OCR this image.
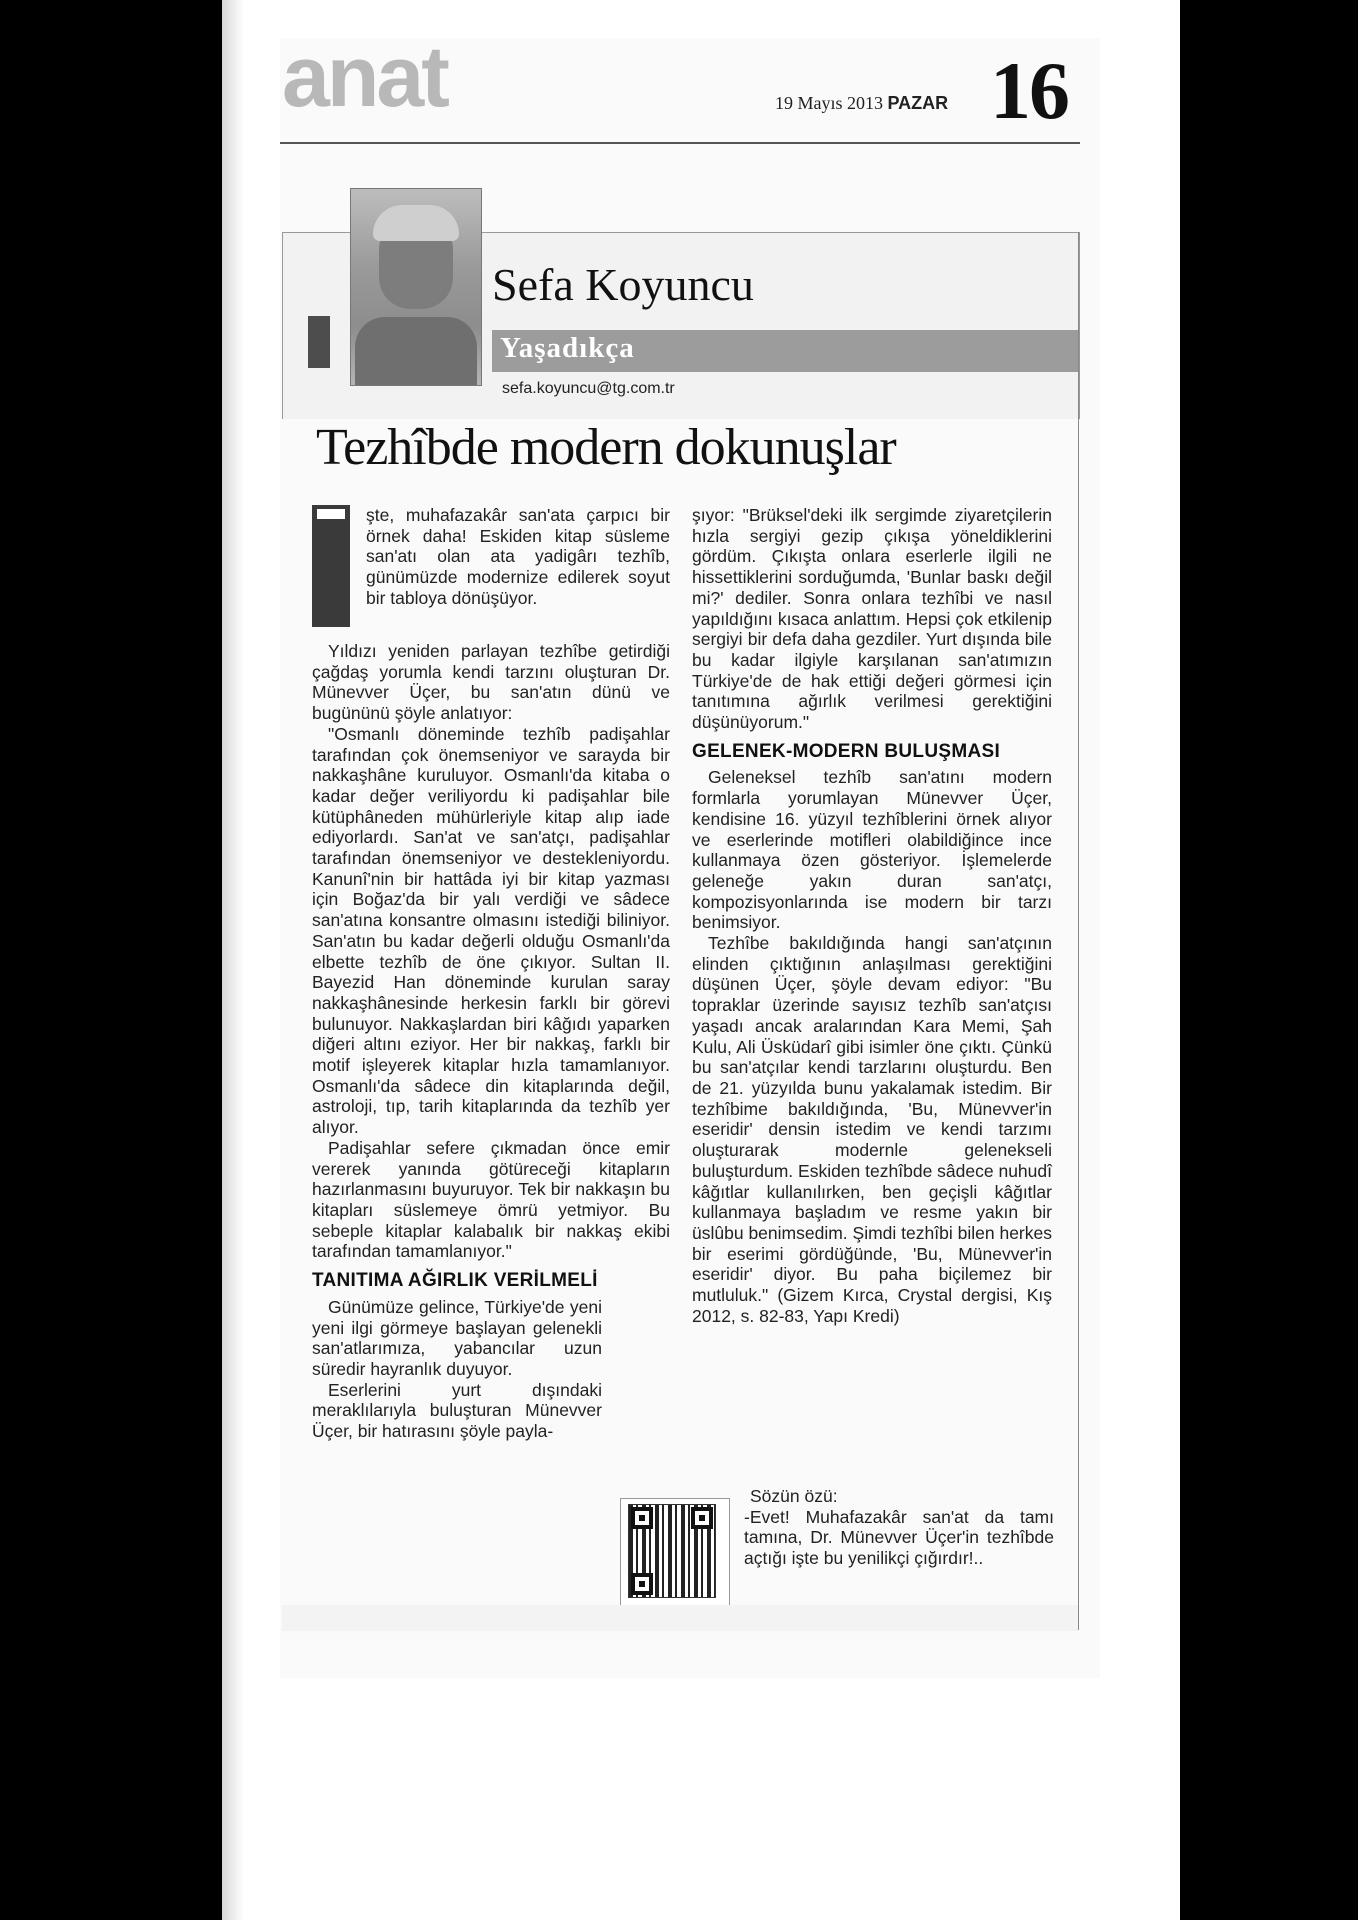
anat	19 Mayıs 2013 PAZAR 16
Sefa Koyuncu
Yaşadıkça
sefa.koyuncu@tg.com.tr
Tezhîbde modern dokunuşlar

şte, muhafazakâr san'ata çarpıcı bir örnek daha! Eskiden kitap süsleme san'atı olan ata yadigârı tezhîb, günümüzde modernize edilerek soyut bir tabloya dönüşüyor.

Yıldızı yeniden parlayan tezhîbe getirdiği çağdaş yorumla kendi tarzını oluşturan Dr. Münevver Üçer, bu san'atın dünü ve bugününü şöyle anlatıyor:

"Osmanlı döneminde tezhîb padişahlar tarafından çok önemseniyor ve sarayda bir nakkaşhâne kuruluyor. Osmanlı'da kitaba o kadar değer veriliyordu ki padişahlar bile kütüphâneden mühürleriyle kitap alıp iade ediyorlardı. San'at ve san'atçı, padişahlar tarafından önemseniyor ve destekleniyordu. Kanunî'nin bir hattâda iyi bir kitap yazması için Boğaz'da bir yalı verdiği ve sâdece san'atına konsantre olmasını istediği biliniyor. San'atın bu kadar değerli olduğu Osmanlı'da elbette tezhîb de öne çıkıyor. Sultan II. Bayezid Han döneminde kurulan saray nakkaşhânesinde herkesin farklı bir görevi bulunuyor. Nakkaşlardan biri kâğıdı yaparken diğeri altını eziyor. Her bir nakkaş, farklı bir motif işleyerek kitaplar hızla tamamlanıyor. Osmanlı'da sâdece din kitaplarında değil, astroloji, tıp, tarih kitaplarında da tezhîb yer alıyor.

Padişahlar sefere çıkmadan önce emir vererek yanında götüreceği kitapların hazırlanmasını buyuruyor. Tek bir nakkaşın bu kitapları süslemeye ömrü yetmiyor. Bu sebeple kitaplar kalabalık bir nakkaş ekibi tarafından tamamlanıyor."

TANITIMA AĞIRLIK VERİLMELİ

Günümüze gelince, Türkiye'de yeni yeni ilgi görmeye başlayan gelenekli san'atlarımıza, yabancılar uzun süredir hayranlık duyuyor.

Eserlerini yurt dışındaki meraklılarıyla buluşturan Münevver Üçer, bir hatırasını şöyle payla-

şıyor: "Brüksel'deki ilk sergimde ziyaretçilerin hızla sergiyi gezip çıkışa yöneldiklerini gördüm. Çıkışta onlara eserlerle ilgili ne hissettiklerini sorduğumda, 'Bunlar baskı değil mi?' dediler. Sonra onlara tezhîbi ve nasıl yapıldığını kısaca anlattım. Hepsi çok etkilenip sergiyi bir defa daha gezdiler. Yurt dışında bile bu kadar ilgiyle karşılanan san'atımızın Türkiye'de de hak ettiği değeri görmesi için tanıtımına ağırlık verilmesi gerektiğini düşünüyorum."

GELENEK-MODERN BULUŞMASI

Geleneksel tezhîb san'atını modern formlarla yorumlayan Münevver Üçer, kendisine 16. yüzyıl tezhîblerini örnek alıyor ve eserlerinde motifleri olabildiğince ince kullanmaya özen gösteriyor. İşlemelerde geleneğe yakın duran san'atçı, kompozisyonlarında ise modern bir tarzı benimsiyor.

Tezhîbe bakıldığında hangi san'atçının elinden çıktığının anlaşılması gerektiğini düşünen Üçer, şöyle devam ediyor: "Bu topraklar üzerinde sayısız tezhîb san'atçısı yaşadı ancak aralarından Kara Memi, Şah Kulu, Ali Üsküdarî gibi isimler öne çıktı. Çünkü bu san'atçılar kendi tarzlarını oluşturdu. Ben de 21. yüzyılda bunu yakalamak istedim. Bir tezhîbime bakıldığında, 'Bu, Münevver'in eseridir' densin istedim ve kendi tarzımı oluşturarak modernle gelenekseli buluşturdum. Eskiden tezhîbde sâdece nuhudî kâğıtlar kullanılırken, ben geçişli kâğıtlar kullanmaya başladım ve resme yakın bir üslûbu benimsedim. Şimdi tezhîbi bilen herkes bir eserimi gördüğünde, 'Bu, Münevver'in eseridir' diyor. Bu paha biçilemez bir mutluluk." (Gizem Kırca, Crystal dergisi, Kış 2012, s. 82-83, Yapı Kredi)

Sözün özü:

-Evet! Muhafazakâr san'at da tamı tamına, Dr. Münevver Üçer'in tezhîbde açtığı işte bu yenilikçi çığırdır!..
